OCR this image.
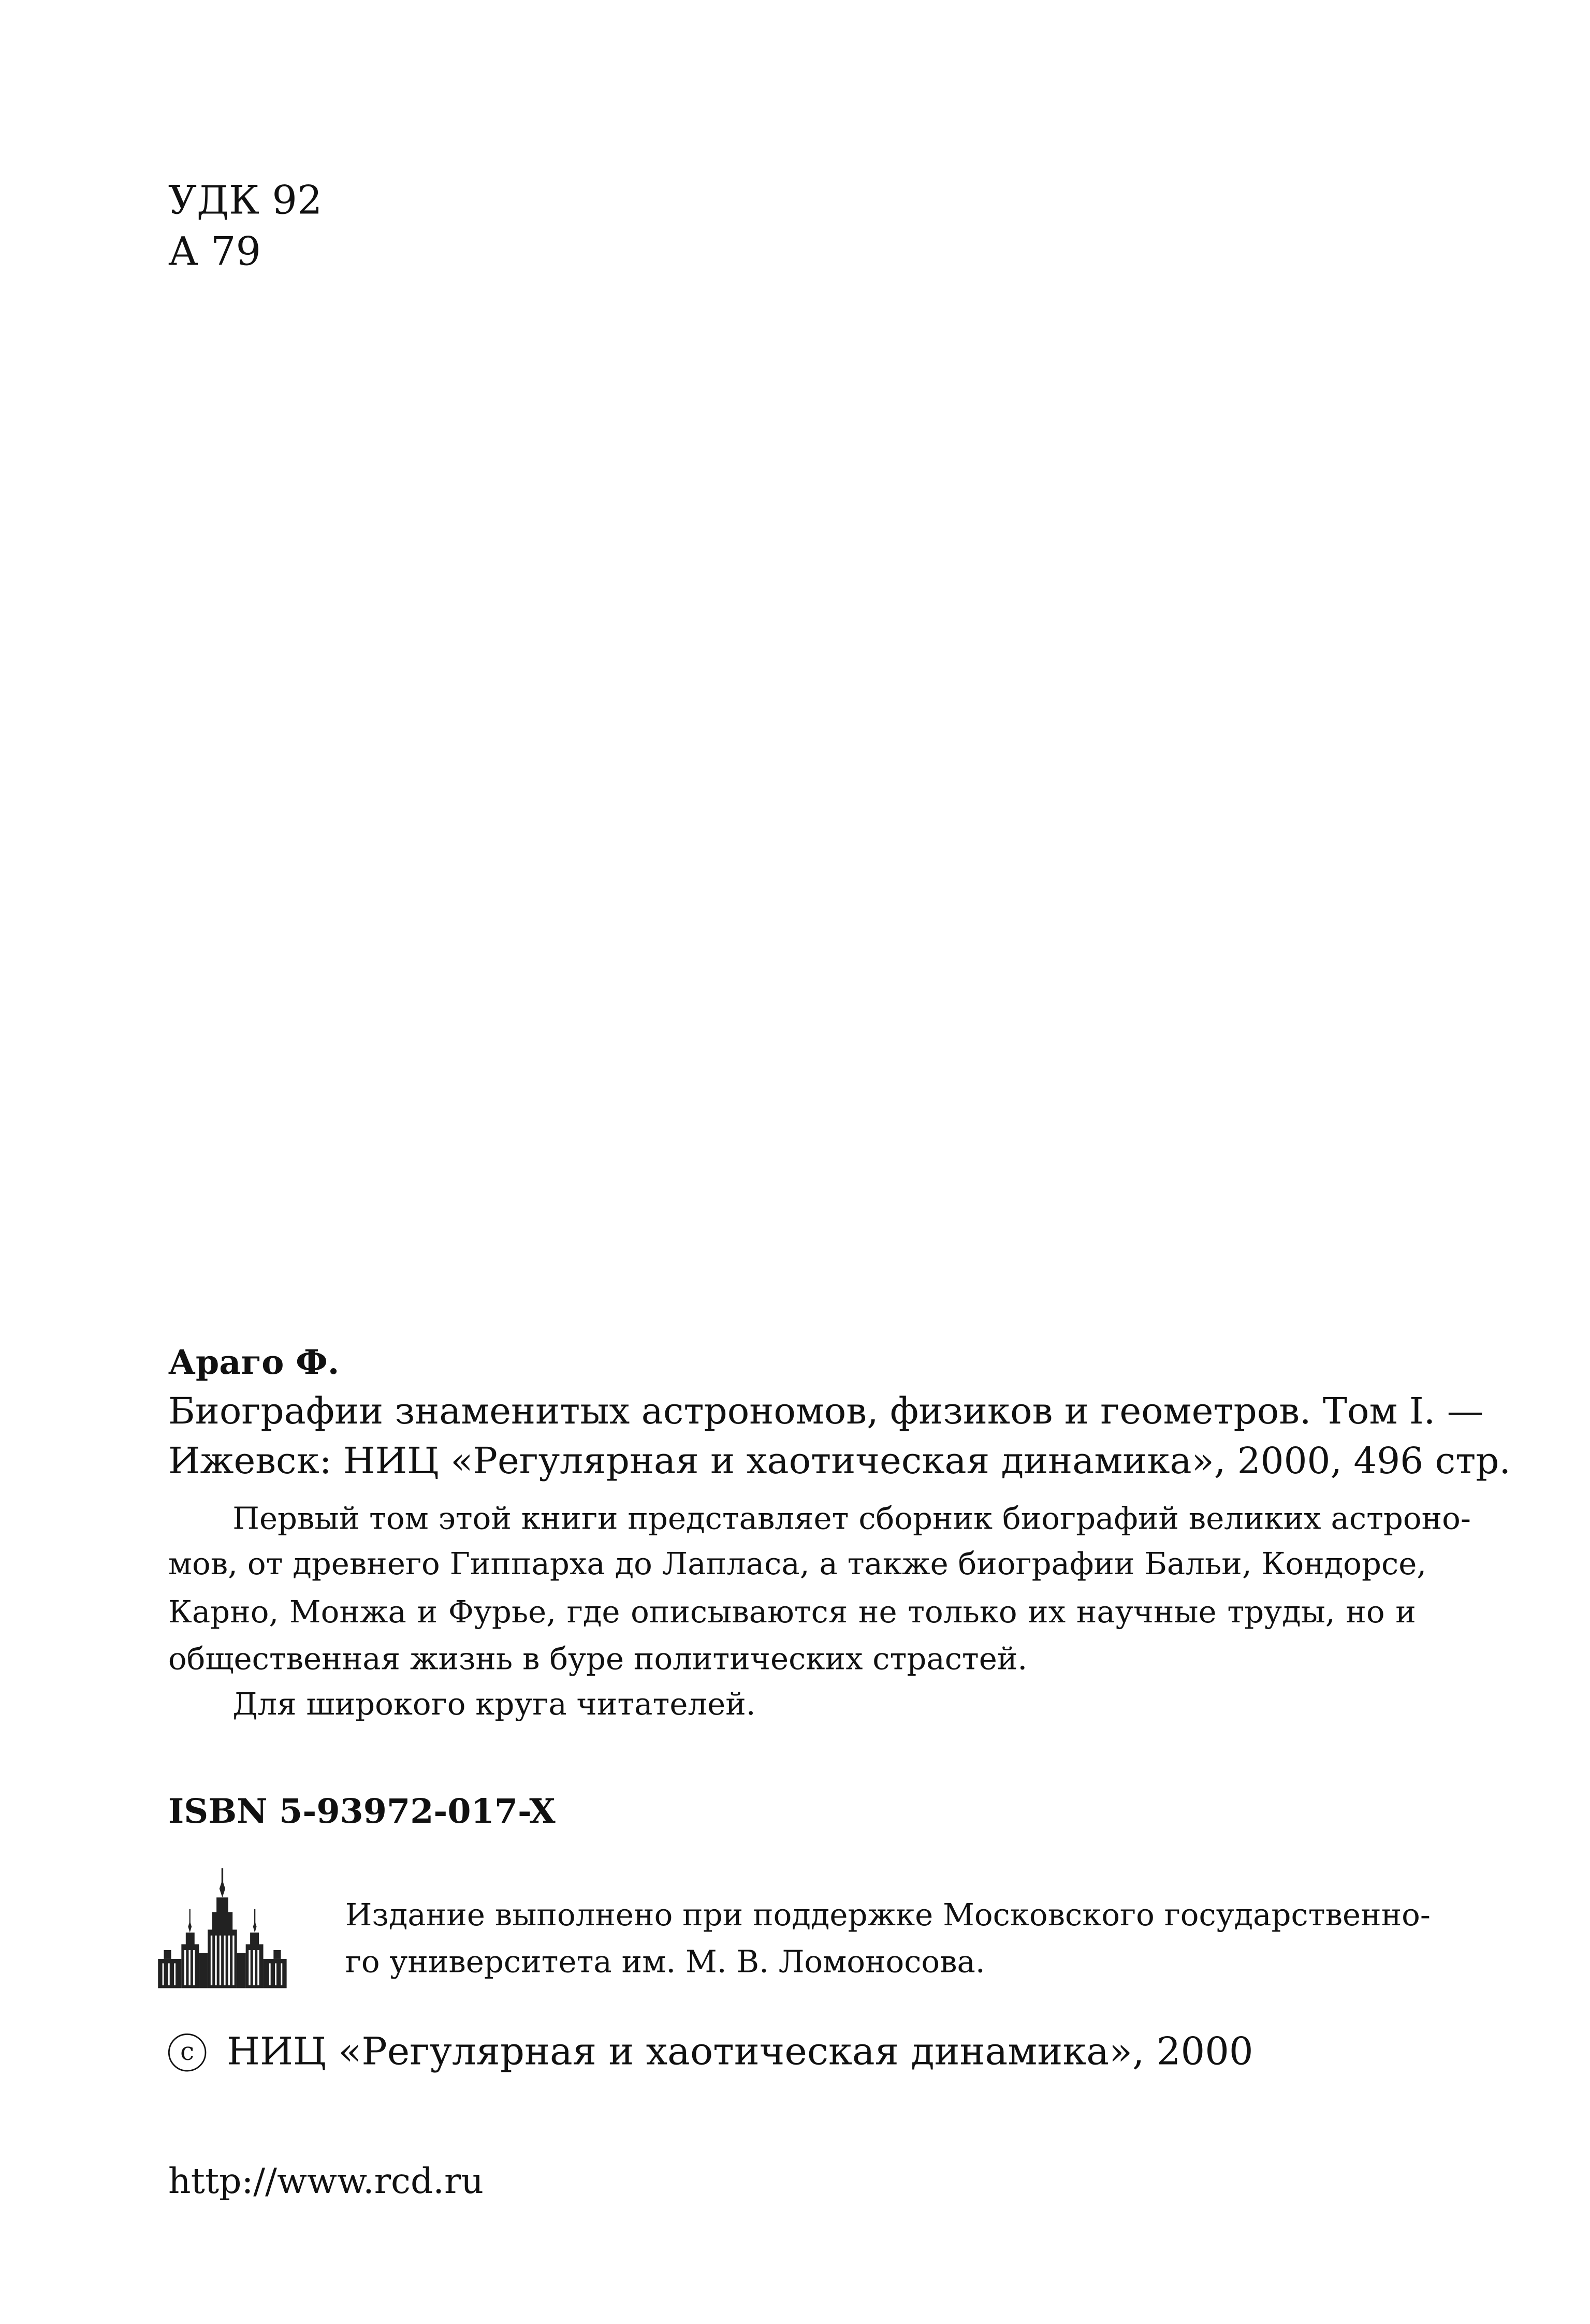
УДК 92
А 79
Араго Ф.
Биографии знаменитых астрономов, физиков и геометров. Том I. —
Ижевск: НИЦ «Регулярная и хаотическая динамика», 2000, 496 стр.
Первый том этой книги представляет сборник биографий великих астроно-
мов, от древнего Гиппарха до Лапласа, а также биографии Бальи, Кондорсе,
Карно, Монжа и Фурье, где описываются не только их научные труды, но и
общественная жизнь в буре политических страстей.
Для широкого круга читателей.
ISBN 5-93972-017-X
Издание выполнено при поддержке Московского государственно-
го университета им. М. В. Ломоносова.
c	НИЦ «Регулярная и хаотическая динамика», 2000
http://www.rcd.ru
